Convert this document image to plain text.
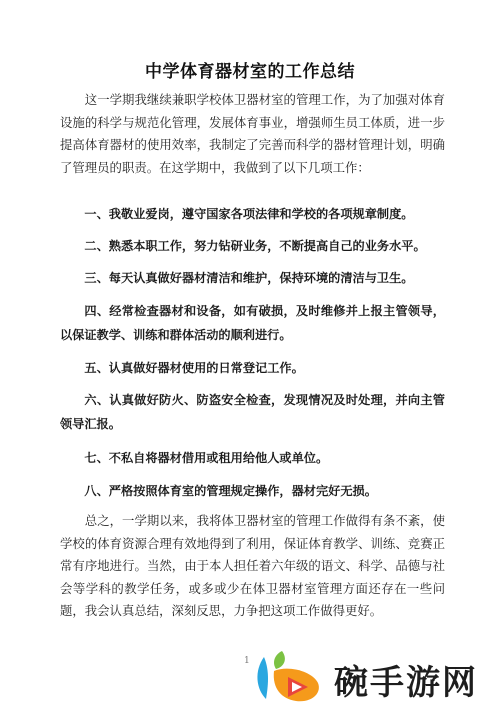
中学体育器材室的工作总结

这一学期我继续兼职学校体卫器材室的管理工作，为了加强对体育设施的科学与规范化管理，发展体育事业，增强师生员工体质，进一步提高体育器材的使用效率，我制定了完善而科学的器材管理计划，明确了管理员的职责。在这学期中，我做到了以下几项工作：

一、我敬业爱岗，遵守国家各项法律和学校的各项规章制度。

二、熟悉本职工作，努力钻研业务，不断提高自己的业务水平。

三、每天认真做好器材清洁和维护，保持环境的清洁与卫生。

四、经常检查器材和设备，如有破损，及时维修并上报主管领导，以保证教学、训练和群体活动的顺利进行。

五、认真做好器材使用的日常登记工作。

六、认真做好防火、防盗安全检查，发现情况及时处理，并向主管领导汇报。

七、不私自将器材借用或租用给他人或单位。

八、严格按照体育室的管理规定操作，器材完好无损。

总之，一学期以来，我将体卫器材室的管理工作做得有条不紊，使学校的体育资源合理有效地得到了利用，保证体育教学、训练、竞赛正常有序地进行。当然，由于本人担任着六年级的语文、科学、品德与社会等学科的教学任务，或多或少在体卫器材室管理方面还存在一些问题，我会认真总结，深刻反思，力争把这项工作做得更好。

1
碗手游网
